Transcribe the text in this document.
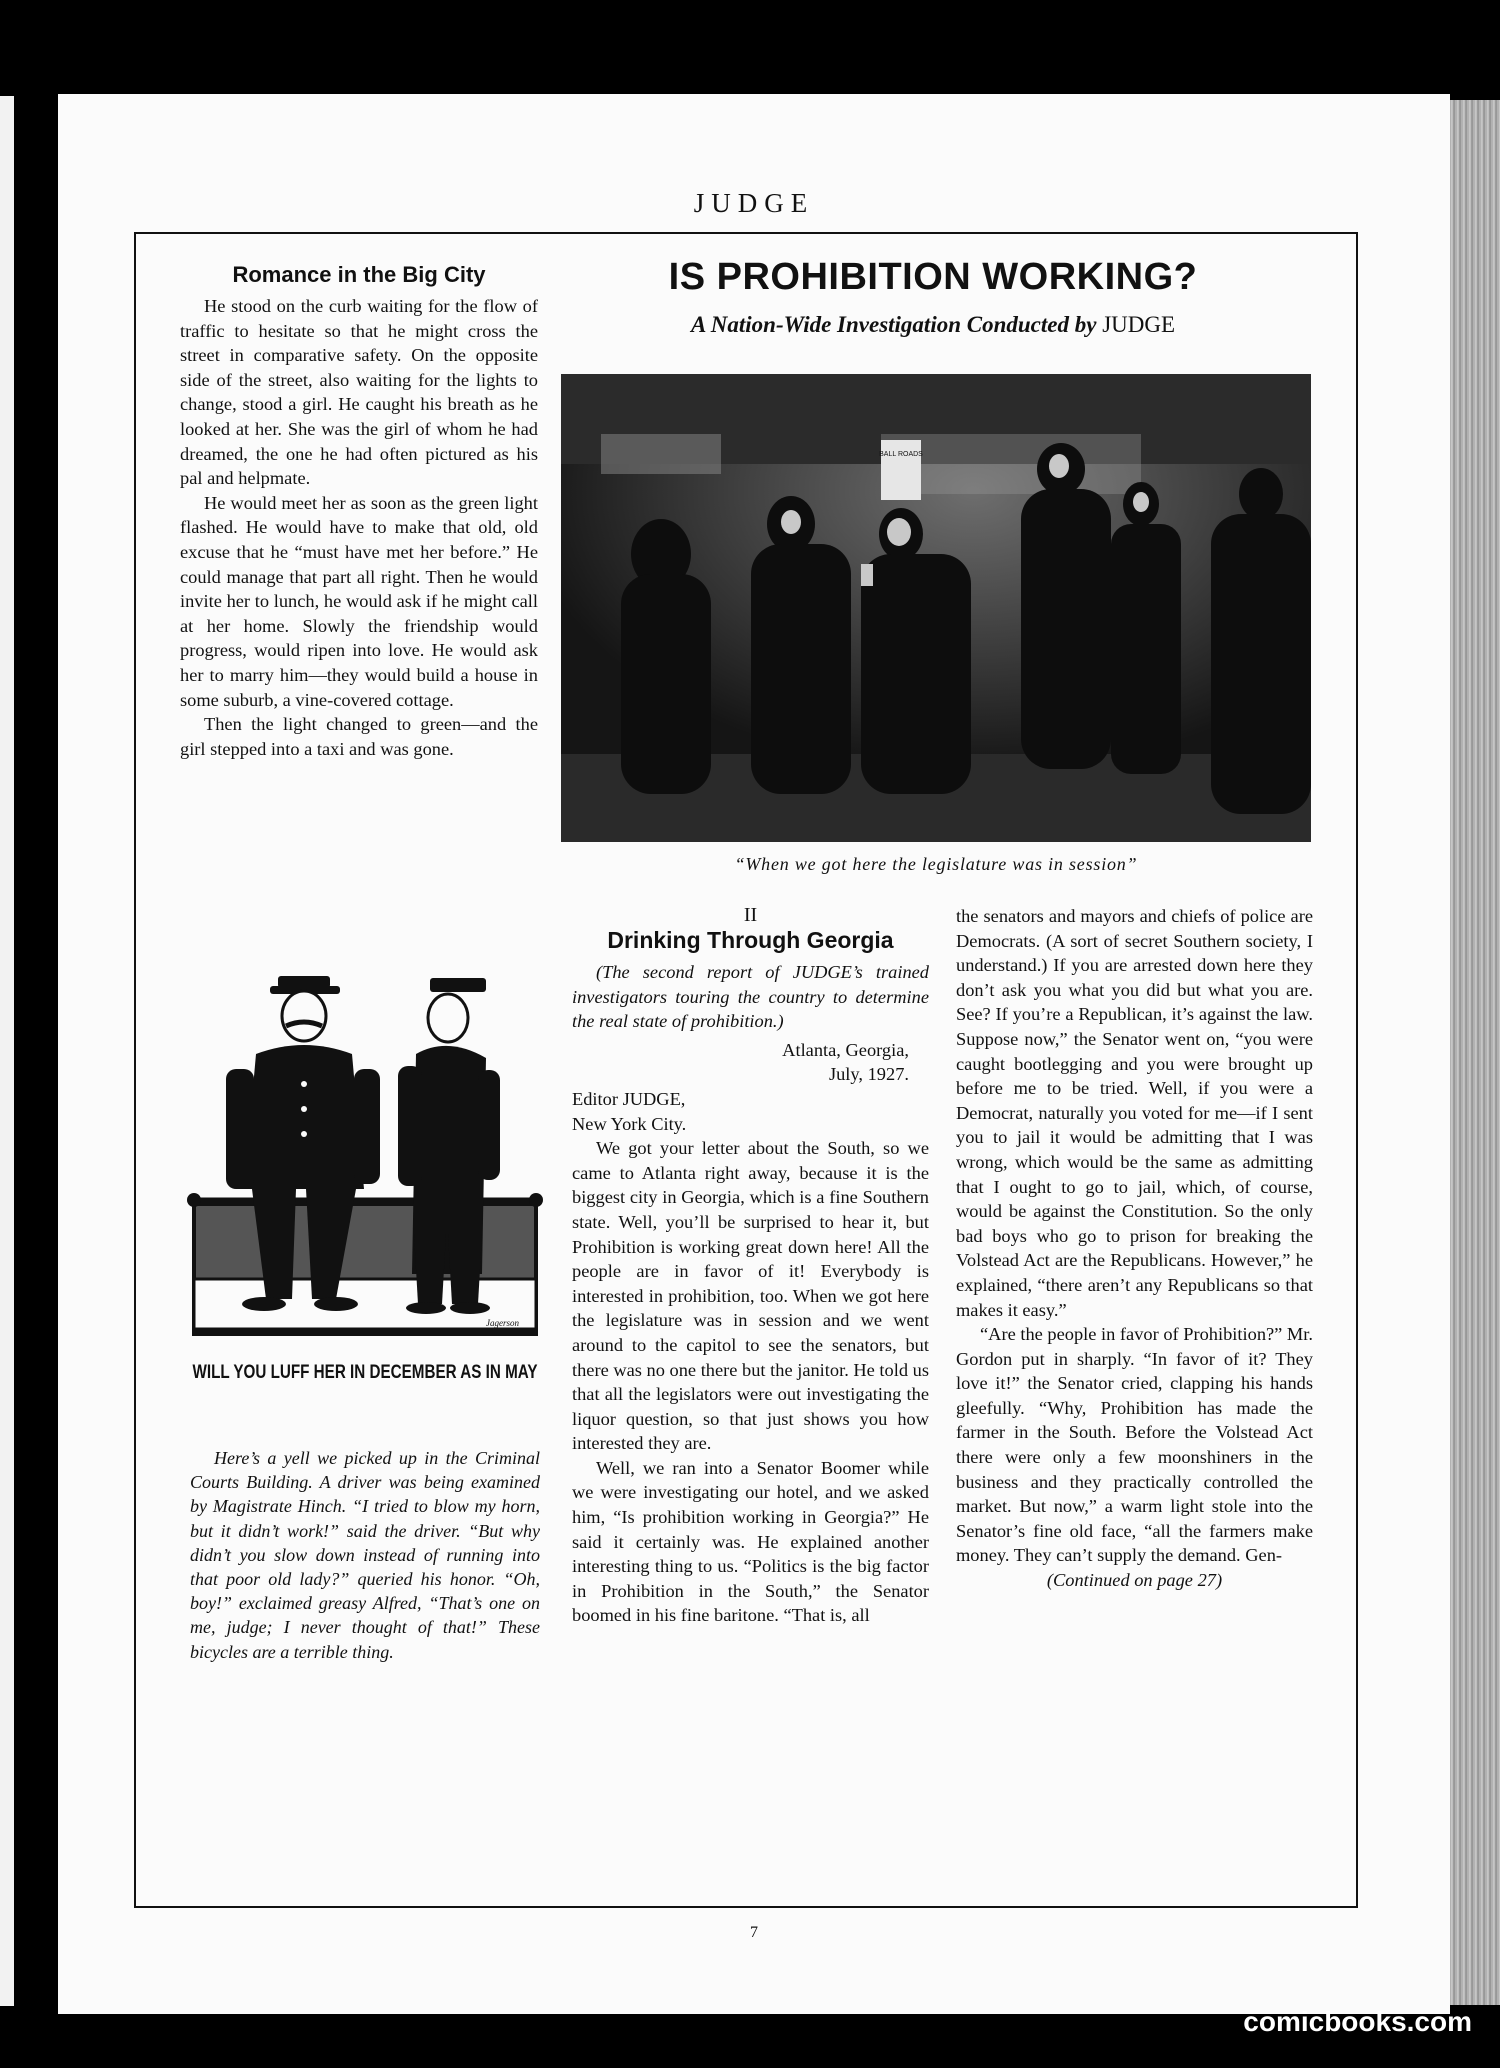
JUDGE
Romance in the Big City

He stood on the curb waiting for the flow of traffic to hesitate so that he might cross the street in comparative safety. On the opposite side of the street, also waiting for the lights to change, stood a girl. He caught his breath as he looked at her. She was the girl of whom he had dreamed, the one he had often pictured as his pal and helpmate.

He would meet her as soon as the green light flashed. He would have to make that old, old excuse that he “must have met her before.” He could manage that part all right. Then he would invite her to lunch, he would ask if he might call at her home. Slowly the friendship would progress, would ripen into love. He would ask her to marry him—they would build a house in some suburb, a vine-covered cottage.

Then the light changed to green—and the girl stepped into a taxi and was gone.

Jagerson
WILL YOU LUFF HER IN DECEMBER AS IN MAY
Here’s a yell we picked up in the Criminal Courts Building. A driver was being examined by Magistrate Hinch. “I tried to blow my horn, but it didn’t work!” said the driver. “But why didn’t you slow down instead of running into that poor old lady?” queried his honor. “Oh, boy!” exclaimed greasy Alfred, “That’s one on me, judge; I never thought of that!” These bicycles are a terrible thing.
IS PROHIBITION WORKING?
A Nation-Wide Investigation Conducted by JUDGE
BALL ROADS
“When we got here the legislature was in session”

II

Drinking Through Georgia

(The second report of JUDGE’s trained investigators touring the country to determine the real state of prohibition.)

Atlanta, Georgia,
July, 1927.

Editor JUDGE,
New York City.

We got your letter about the South, so we came to Atlanta right away, because it is the biggest city in Georgia, which is a fine Southern state. Well, you’ll be surprised to hear it, but Prohibition is working great down here! All the people are in favor of it! Everybody is interested in prohibition, too. When we got here the legislature was in session and we went around to the capitol to see the senators, but there was no one there but the janitor. He told us that all the legislators were out investigating the liquor question, so that just shows you how interested they are.

Well, we ran into a Senator Boomer while we were investigating our hotel, and we asked him, “Is prohibition working in Georgia?” He said it certainly was. He explained another interesting thing to us. “Politics is the big factor in Prohibition in the South,” the Senator boomed in his fine baritone. “That is, all

the senators and mayors and chiefs of police are Democrats. (A sort of secret Southern society, I understand.) If you are arrested down here they don’t ask you what you did but what you are. See? If you’re a Republican, it’s against the law. Suppose now,” the Senator went on, “you were caught bootlegging and you were brought up before me to be tried. Well, if you were a Democrat, naturally you voted for me—if I sent you to jail it would be admitting that I was wrong, which would be the same as admitting that I ought to go to jail, which, of course, would be against the Constitution. So the only bad boys who go to prison for breaking the Volstead Act are the Republicans. However,” he explained, “there aren’t any Republicans so that makes it easy.”

“Are the people in favor of Prohibition?” Mr. Gordon put in sharply. “In favor of it? They love it!” the Senator cried, clapping his hands gleefully. “Why, Prohibition has made the farmer in the South. Before the Volstead Act there were only a few moonshiners in the business and they practically controlled the market. But now,” a warm light stole into the Senator’s fine old face, “all the farmers make money. They can’t supply the demand. Gen-

(Continued on page 27)
7
comicbooks.com
